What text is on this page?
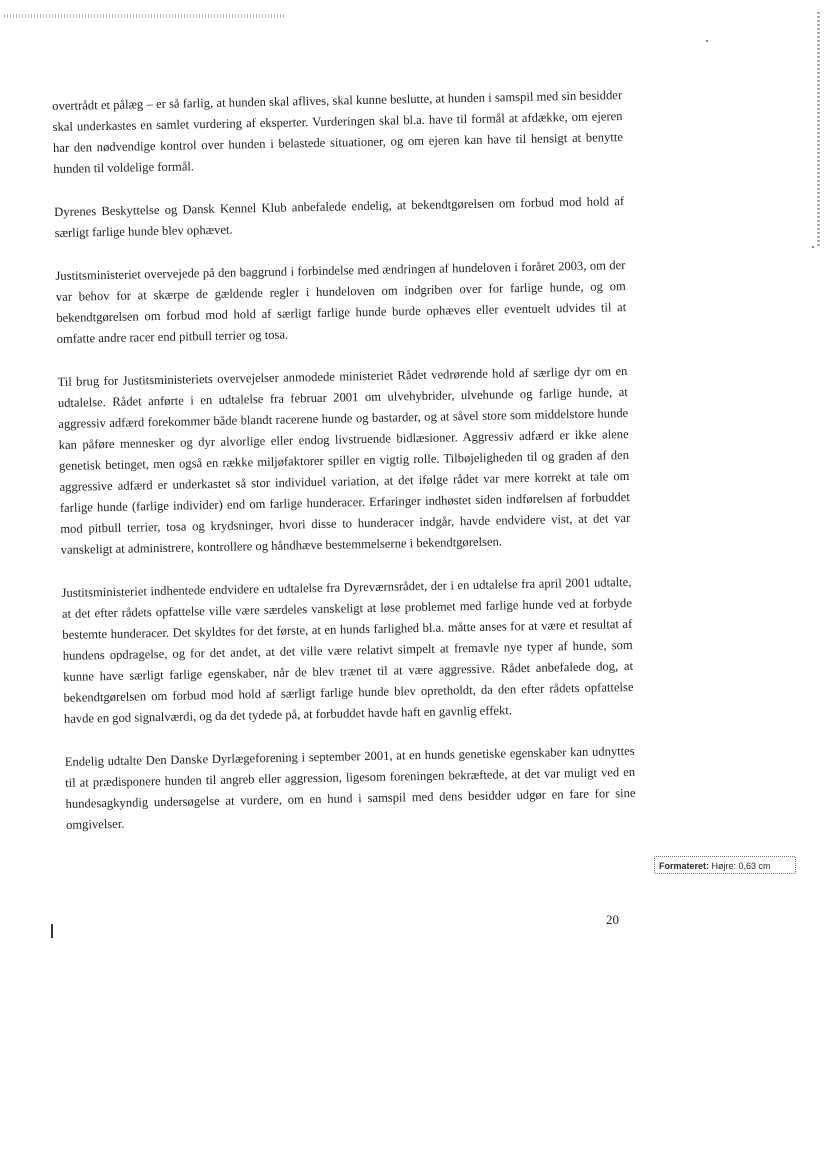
overtrådt et pålæg – er så farlig, at hunden skal aflives, skal kunne beslutte, at hunden i samspil med sin besidder skal underkastes en samlet vurdering af eksperter. Vurderingen skal bl.a. have til formål at afdække, om ejeren har den nødvendige kontrol over hunden i belastede situationer, og om ejeren kan have til hensigt at benytte hunden til voldelige formål.

Dyrenes Beskyttelse og Dansk Kennel Klub anbefalede endelig, at bekendtgørelsen om forbud mod hold af særligt farlige hunde blev ophævet.

Justitsministeriet overvejede på den baggrund i forbindelse med ændringen af hundeloven i foråret 2003, om der var behov for at skærpe de gældende regler i hundeloven om indgriben over for farlige hunde, og om bekendtgørelsen om forbud mod hold af særligt farlige hunde burde ophæves eller eventuelt udvides til at omfatte andre racer end pitbull terrier og tosa.

Til brug for Justitsministeriets overvejelser anmodede ministeriet Rådet vedrørende hold af særlige dyr om en udtalelse. Rådet anførte i en udtalelse fra februar 2001 om ulvehybrider, ulvehunde og farlige hunde, at aggressiv adfærd forekommer både blandt racerene hunde og bastarder, og at såvel store som middelstore hunde kan påføre mennesker og dyr alvorlige eller endog livstruende bidlæsioner. Aggressiv adfærd er ikke alene genetisk betinget, men også en række miljøfaktorer spiller en vigtig rolle. Tilbøjeligheden til og graden af den aggressive adfærd er underkastet så stor individuel variation, at det ifølge rådet var mere korrekt at tale om farlige hunde (farlige individer) end om farlige hunderacer. Erfaringer indhøstet siden indførelsen af forbuddet mod pitbull terrier, tosa og krydsninger, hvori disse to hunderacer indgår, havde endvidere vist, at det var vanskeligt at administrere, kontrollere og håndhæve bestemmelserne i bekendtgørelsen.

Justitsministeriet indhentede endvidere en udtalelse fra Dyreværnsrådet, der i en udtalelse fra april 2001 udtalte, at det efter rådets opfattelse ville være særdeles vanskeligt at løse problemet med farlige hunde ved at forbyde bestemte hunderacer. Det skyldtes for det første, at en hunds farlighed bl.a. måtte anses for at være et resultat af hundens opdragelse, og for det andet, at det ville være relativt simpelt at fremavle nye typer af hunde, som kunne have særligt farlige egenskaber, når de blev trænet til at være aggressive. Rådet anbefalede dog, at bekendtgørelsen om forbud mod hold af særligt farlige hunde blev opretholdt, da den efter rådets opfattelse havde en god signalværdi, og da det tydede på, at forbuddet havde haft en gavnlig effekt.

Endelig udtalte Den Danske Dyrlægeforening i september 2001, at en hunds genetiske egenskaber kan udnyttes til at prædisponere hunden til angreb eller aggression, ligesom foreningen bekræftede, at det var muligt ved en hundesagkyndig undersøgelse at vurdere, om en hund i samspil med dens besidder udgør en fare for sine omgivelser.

Formateret: Højre: 0,63 cm
20
